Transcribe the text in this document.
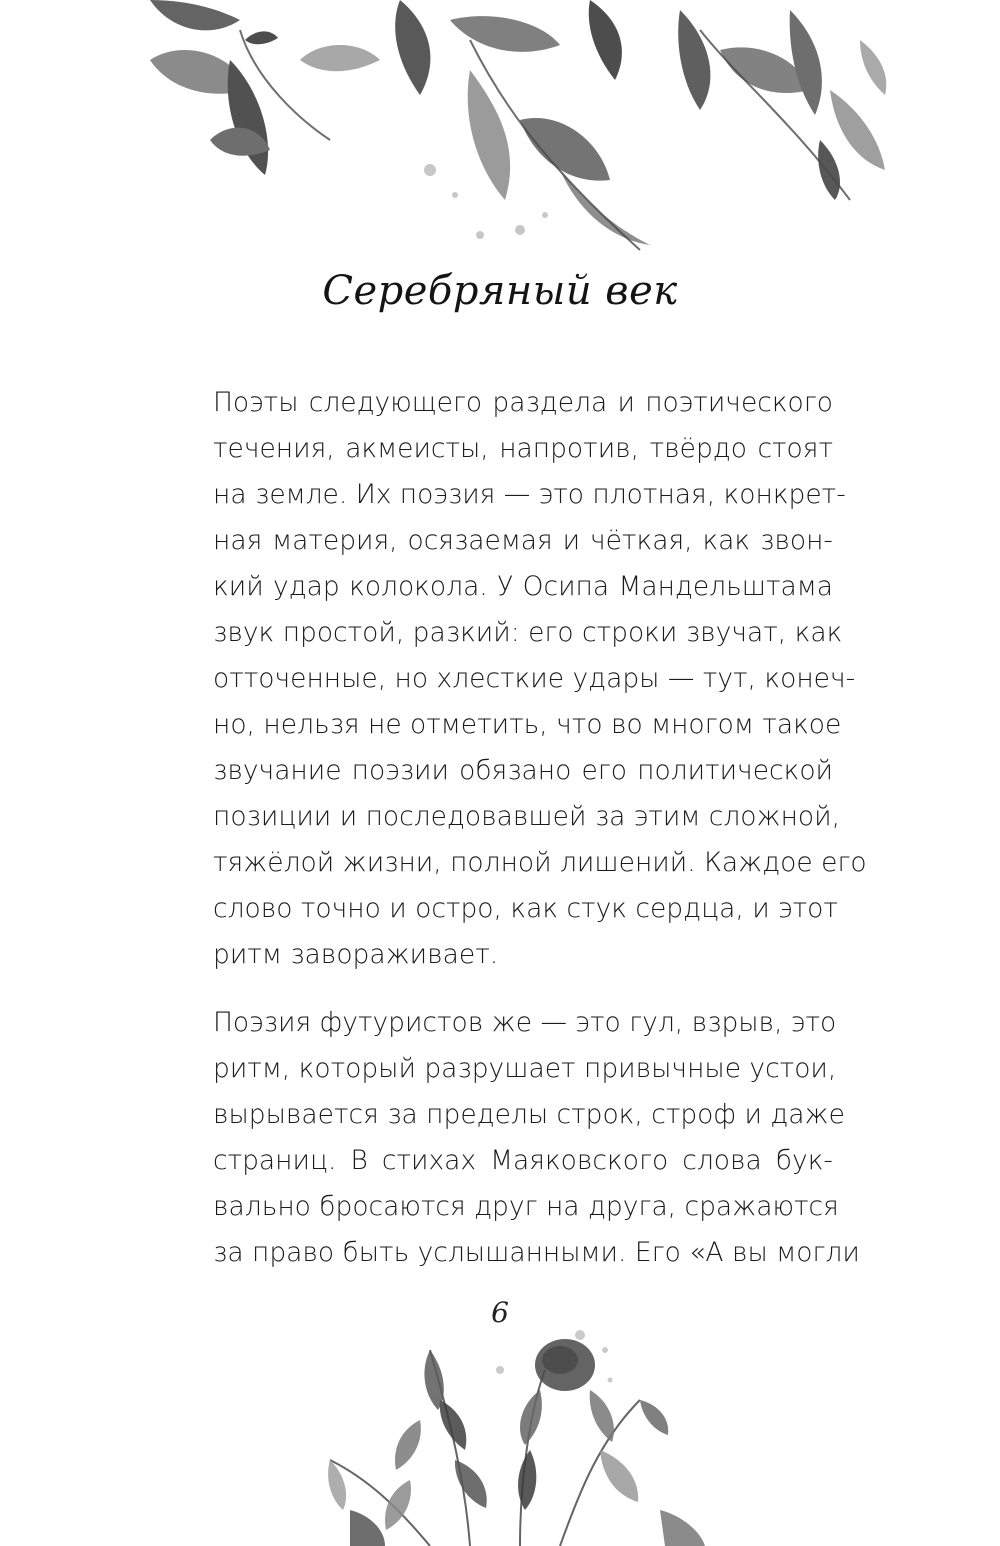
Серебряный век

Поэты следующего раздела и поэтического
течения, акмеисты, напротив, твёрдо стоят
на земле. Их поэзия — это плотная, конкрет-
ная материя, осязаемая и чёткая, как звон-
кий удар колокола. У Осипа Мандельштама
звук простой, разкий: его строки звучат, как
отточенные, но хлесткие удары — тут, конеч-
но, нельзя не отметить, что во многом такое
звучание поэзии обязано его политической
позиции и последовавшей за этим сложной,
тяжёлой жизни, полной лишений. Каждое его
слово точно и остро, как стук сердца, и этот
ритм завораживает.

Поэзия футуристов же — это гул, взрыв, это
ритм, который разрушает привычные устои,
вырывается за пределы строк, строф и даже
страниц. В стихах Маяковского слова бук-
вально бросаются друг на друга, сражаются
за право быть услышанными. Его «А вы могли

6
